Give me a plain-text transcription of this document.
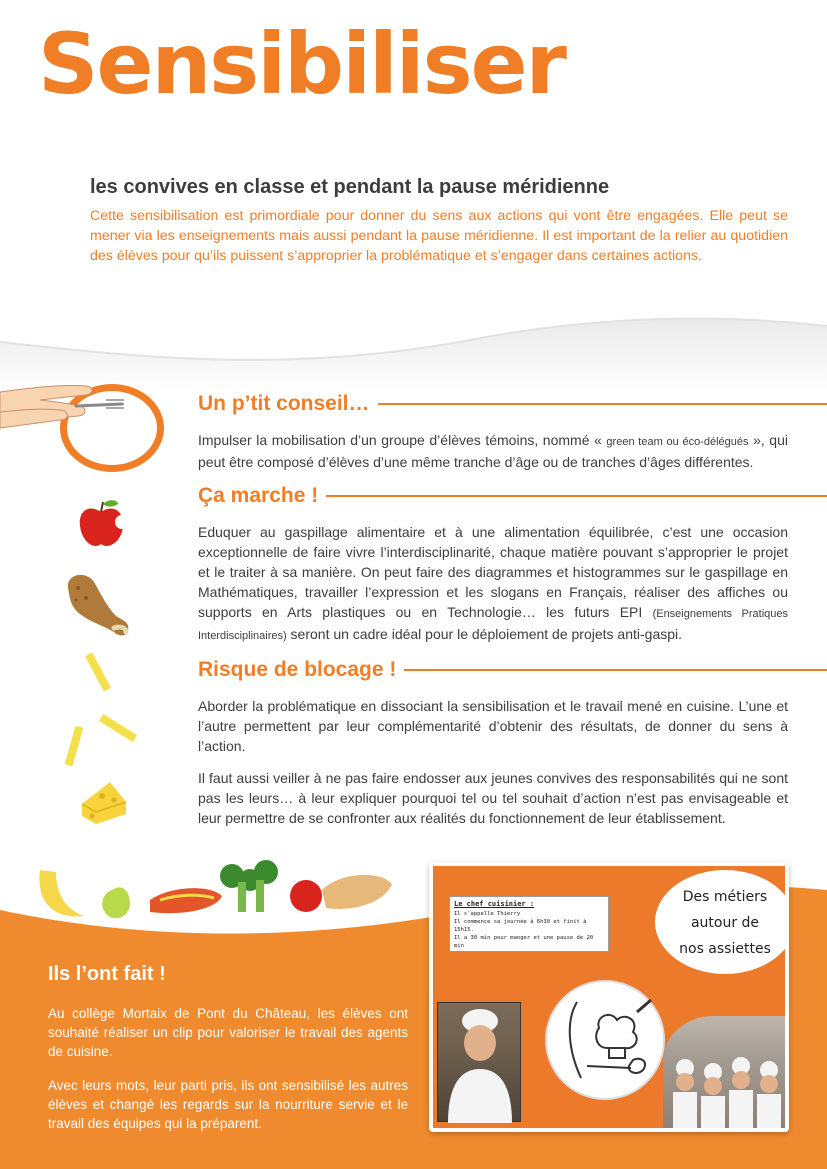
Sensibiliser
les convives en classe et pendant la pause méridienne

Cette sensibilisation est primordiale pour donner du sens aux actions qui vont être engagées. Elle peut se mener via les enseignements mais aussi pendant la pause méridienne. Il est important de la relier au quotidien des élèves pour qu’ils puissent s’approprier la problématique et s’engager dans certaines actions.

Un p’tit conseil…

Impulser la mobilisation d’un groupe d’élèves témoins, nommé « green team ou éco-délégués », qui peut être composé d’élèves d’une même tranche d’âge ou de tranches d’âges différentes.

Ça marche !

Eduquer au gaspillage alimentaire et à une alimentation équilibrée, c’est une occasion exceptionnelle de faire vivre l’interdisciplinarité, chaque matière pouvant s’approprier le projet et le traiter à sa manière. On peut faire des diagrammes et histogrammes sur le gaspillage en Mathématiques, travailler l’expression et les slogans en Français, réaliser des affiches ou supports en Arts plastiques ou en Technologie… les futurs EPI (Enseignements Pratiques Interdisciplinaires) seront un cadre idéal pour le déploiement de projets anti-gaspi.

Risque de blocage !

Aborder la problématique en dissociant la sensibilisation et le travail mené en cuisine. L’une et l’autre permettent par leur complémentarité d’obtenir des résultats, de donner du sens à l’action.

Il faut aussi veiller à ne pas faire endosser aux jeunes convives des responsabilités qui ne sont pas les leurs… à leur expliquer pourquoi tel ou tel souhait d’action n’est pas envisageable et leur permettre de se confronter aux réalités du fonctionnement de leur établissement.

Ils l’ont fait !

Au collège Mortaix de Pont du Château, les élèves ont souhaité réaliser un clip pour valoriser le travail des agents de cuisine.

Avec leurs mots, leur parti pris, ils ont sensibilisé les autres élèves et changé les regards sur la nourriture servie et le travail des équipes qui la préparent.

Le chef cuisinier :
Il s'appelle Thierry
Il commence sa journée à 6h30 et finit à 15h15.
Il a 30 min pour manger et une pause de 20 min
Des métiers
autour de
nos assiettes
